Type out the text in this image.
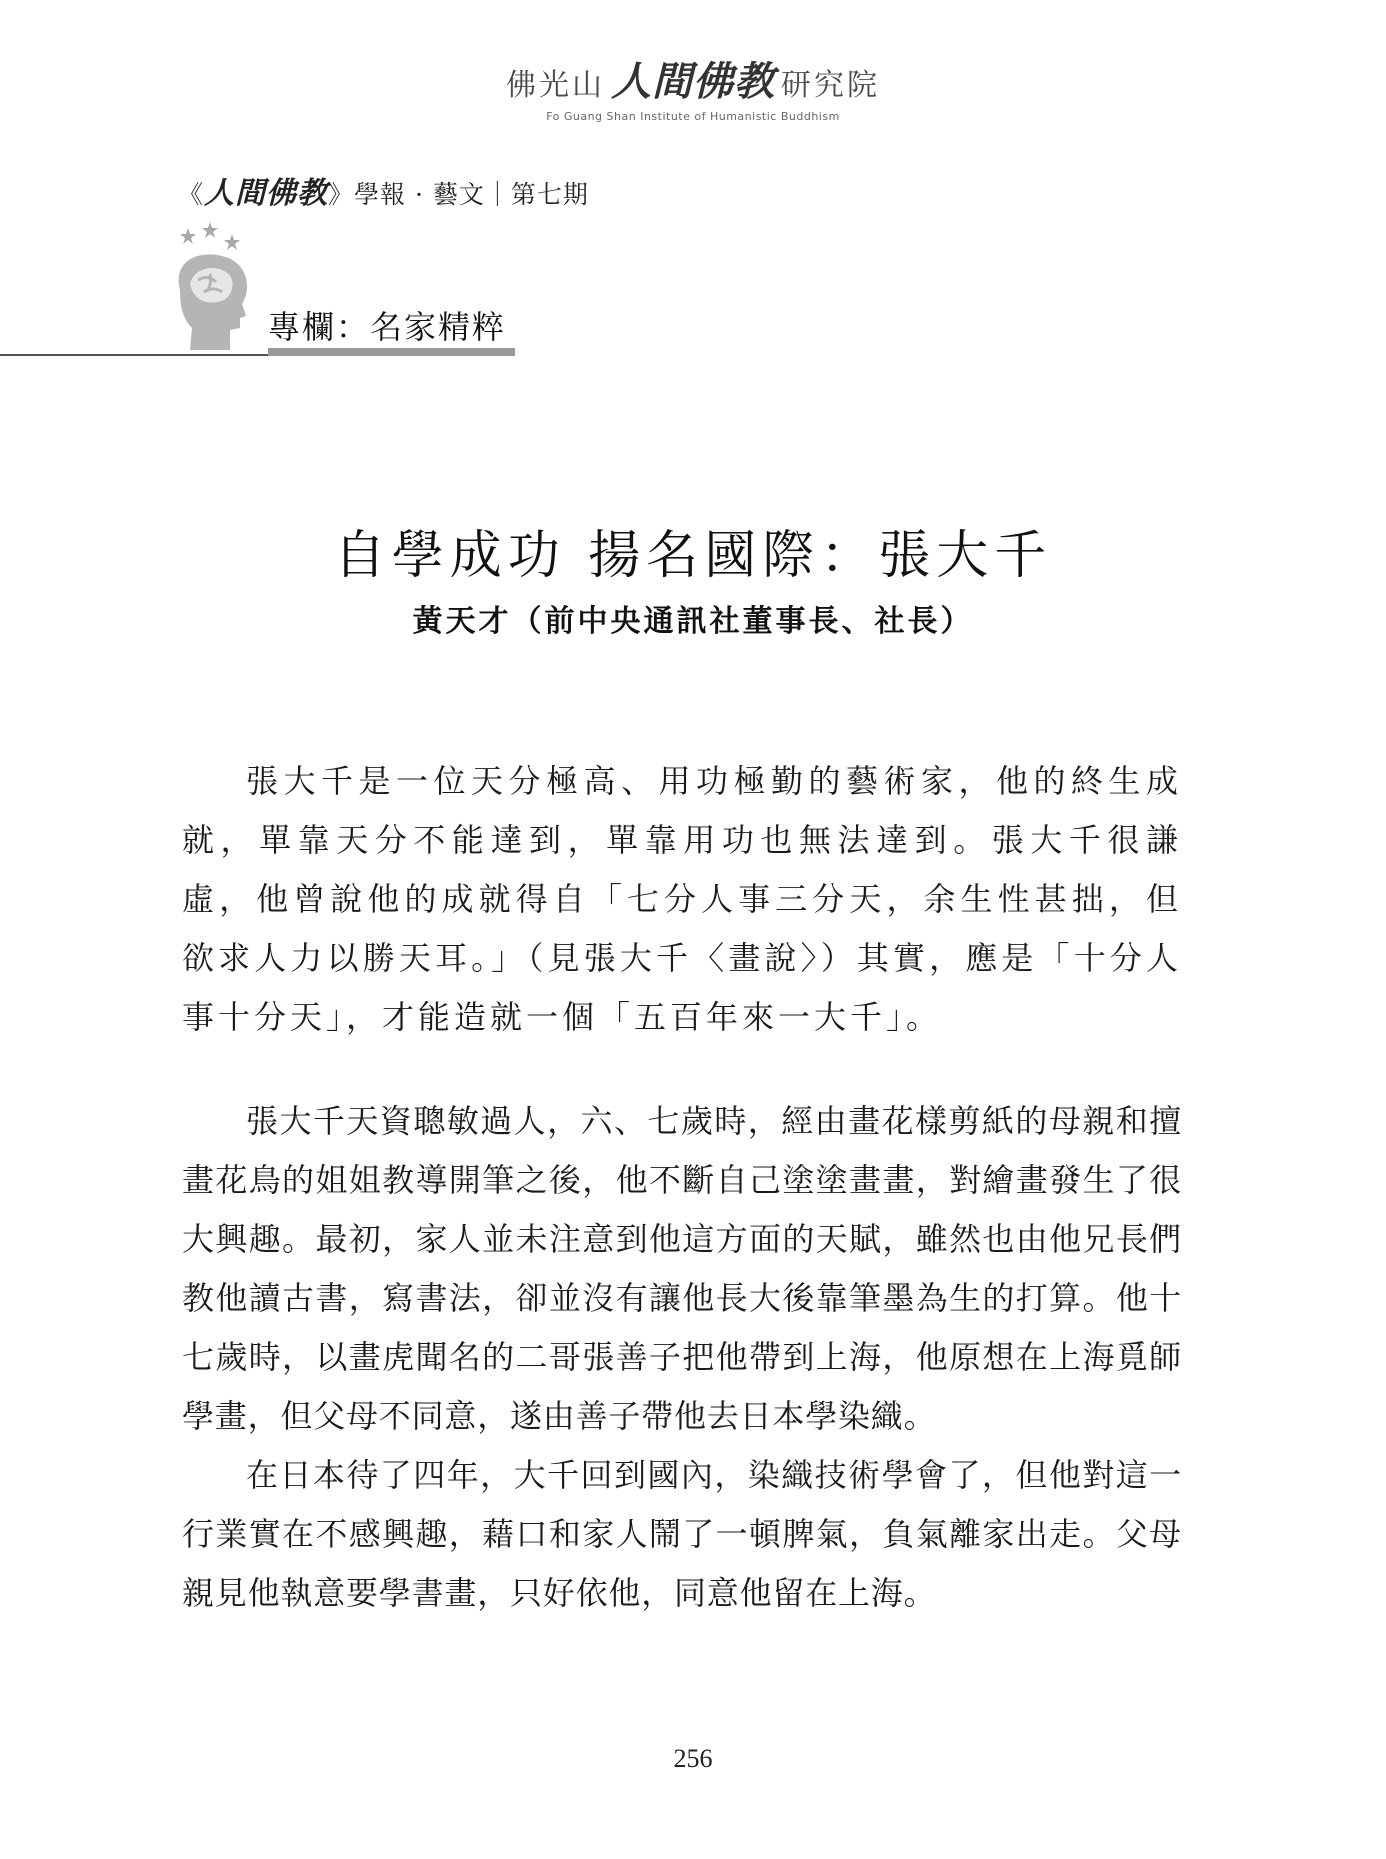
佛光山 人間佛教 研究院
Fo Guang Shan Institute of Humanistic Buddhism
《人間佛教》學報 · 藝文｜第七期
專欄：名家精粹
自學成功 揚名國際：張大千
黃天才（前中央通訊社董事長、社長）

張大千是一位天分極高、用功極勤的藝術家，他的終生成就，單靠天分不能達到，單靠用功也無法達到。張大千很謙虛，他曾說他的成就得自「七分人事三分天，余生性甚拙，但欲求人力以勝天耳。」（見張大千〈畫說〉）其實，應是「十分人事十分天」，才能造就一個「五百年來一大千」。

張大千天資聰敏過人，六、七歲時，經由畫花樣剪紙的母親和擅畫花鳥的姐姐教導開筆之後，他不斷自己塗塗畫畫，對繪畫發生了很大興趣。最初，家人並未注意到他這方面的天賦，雖然也由他兄長們教他讀古書，寫書法，卻並沒有讓他長大後靠筆墨為生的打算。他十七歲時，以畫虎聞名的二哥張善子把他帶到上海，他原想在上海覓師學畫，但父母不同意，遂由善子帶他去日本學染織。

在日本待了四年，大千回到國內，染織技術學會了，但他對這一行業實在不感興趣，藉口和家人鬧了一頓脾氣，負氣離家出走。父母親見他執意要學書畫，只好依他，同意他留在上海。

256
